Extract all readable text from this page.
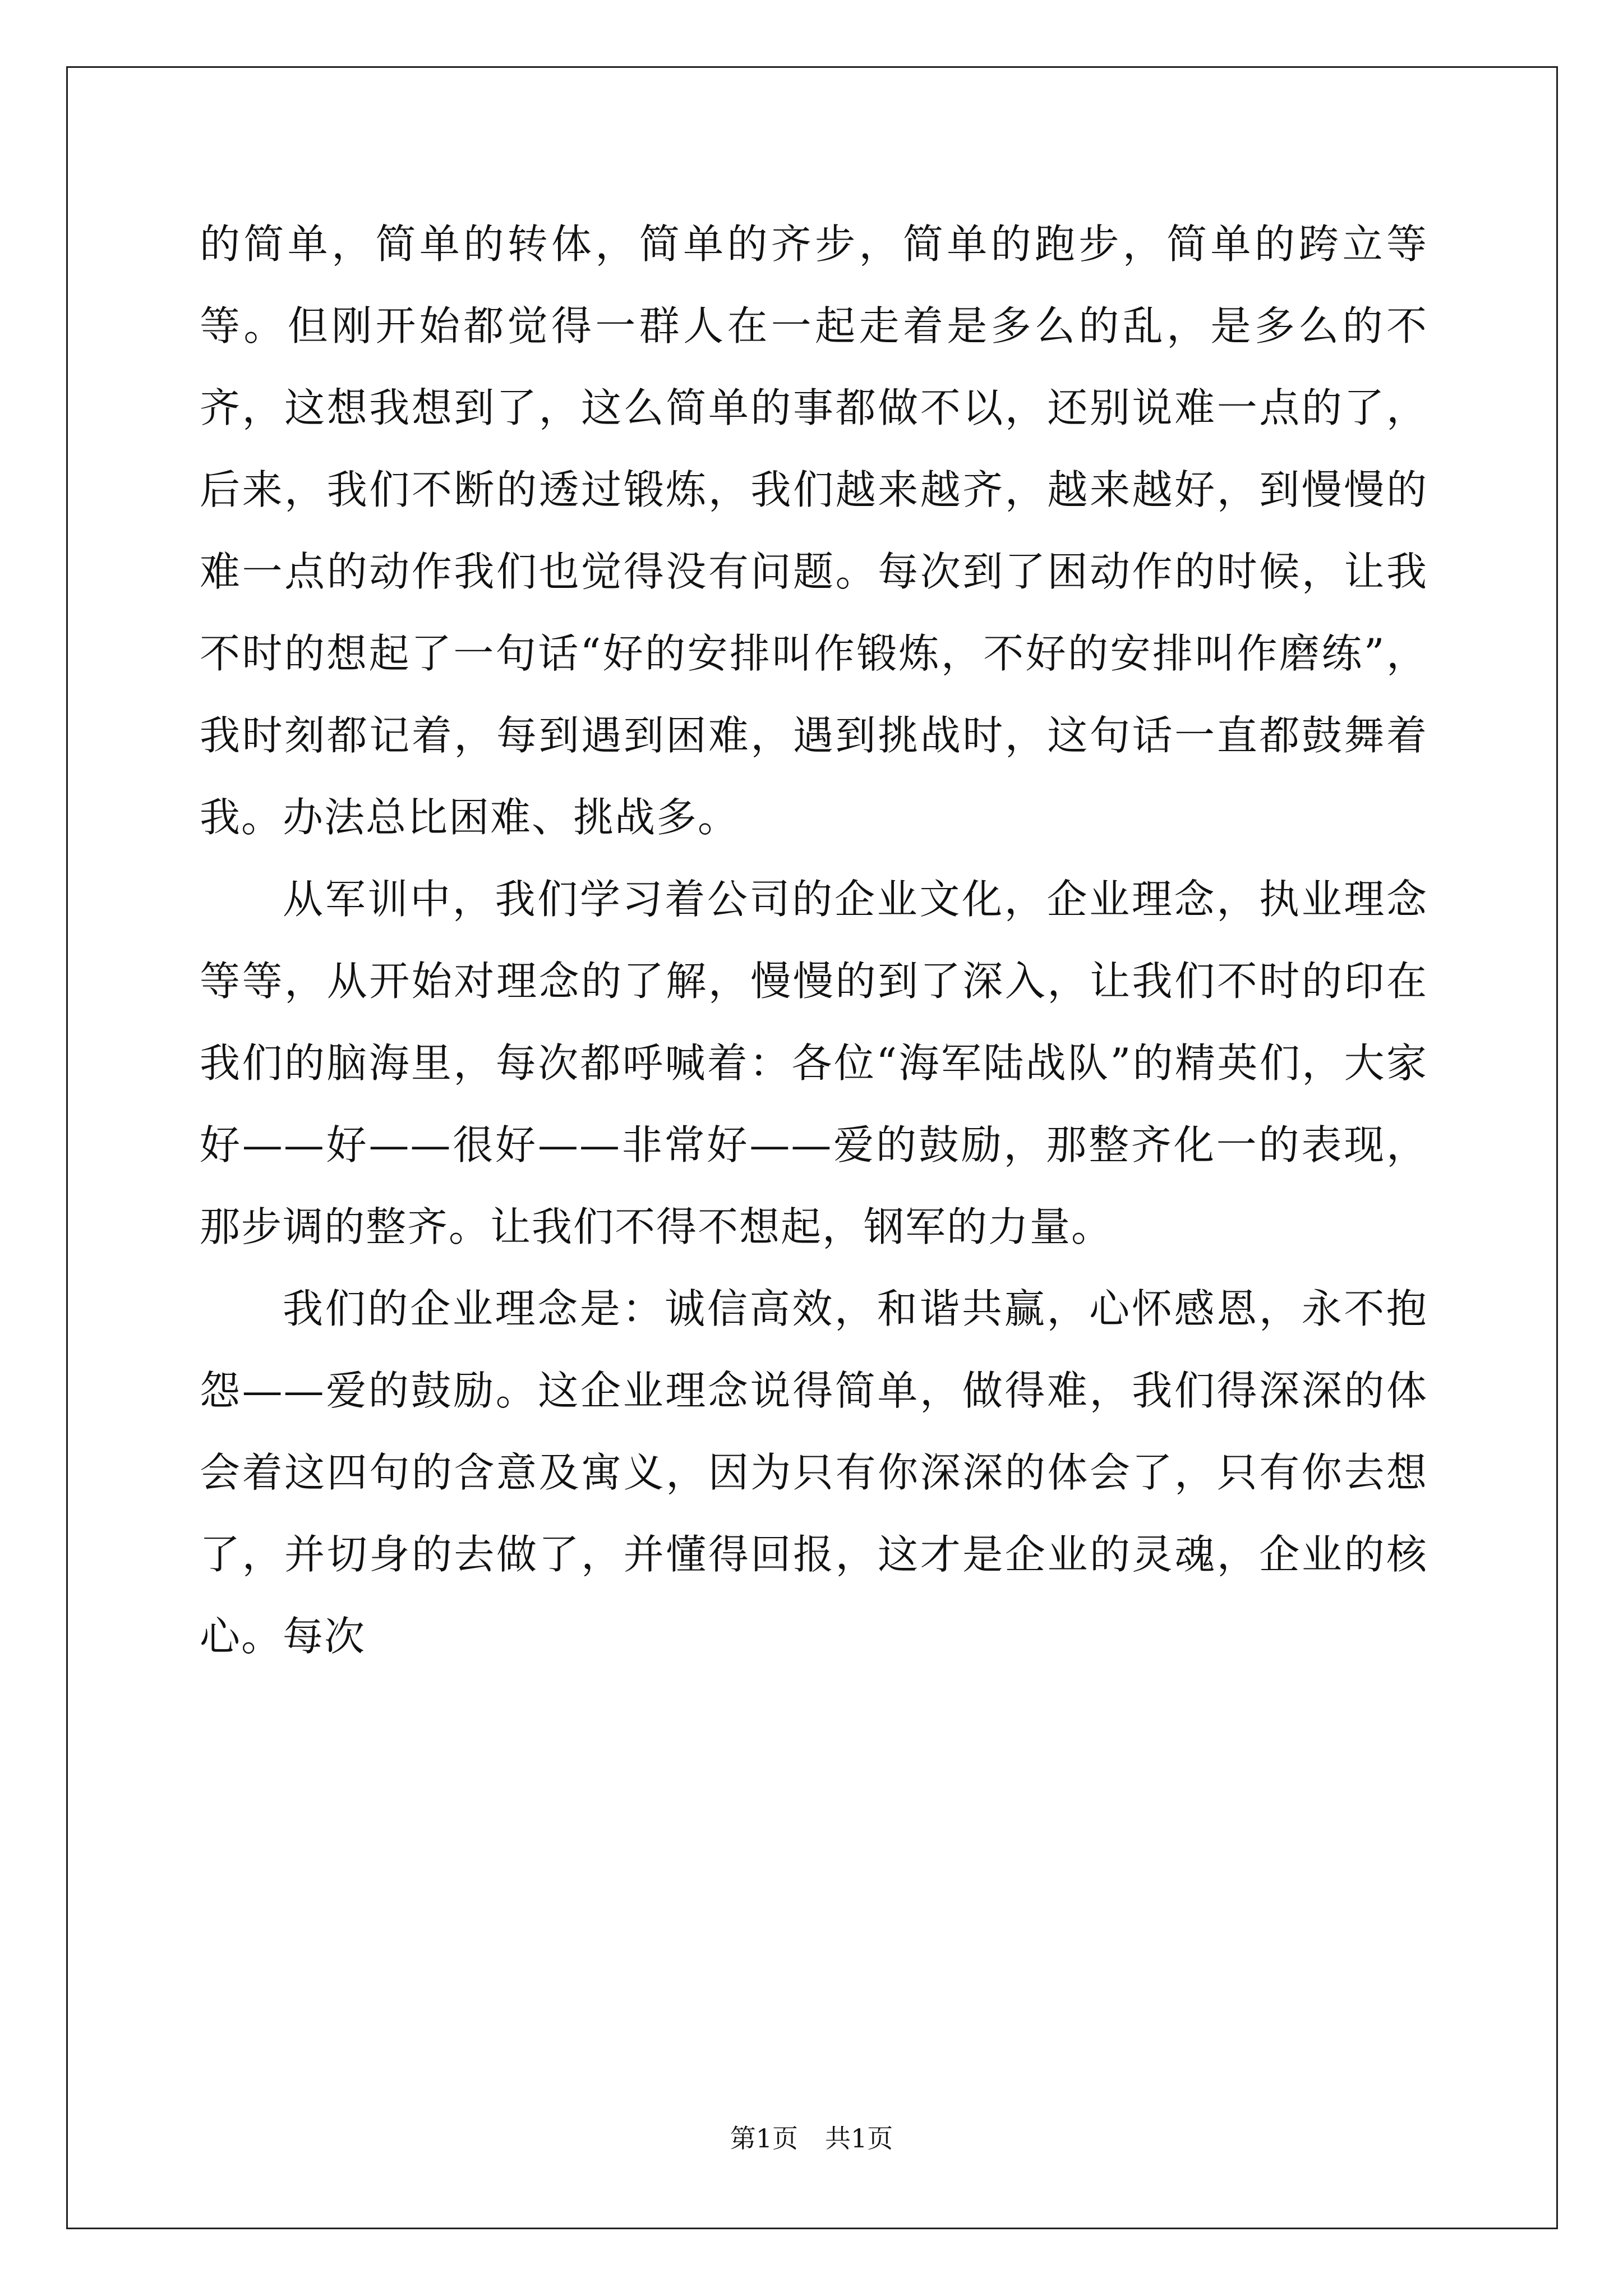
的简单，简单的转体，简单的齐步，简单的跑步，简单的跨立等等。但刚开始都觉得一群人在一起走着是多么的乱，是多么的不齐，这想我想到了，这么简单的事都做不以，还别说难一点的了，后来，我们不断的透过锻炼，我们越来越齐，越来越好，到慢慢的难一点的动作我们也觉得没有问题。每次到了困动作的时候，让我不时的想起了一句话“好的安排叫作锻炼，不好的安排叫作磨练”，我时刻都记着，每到遇到困难，遇到挑战时，这句话一直都鼓舞着我。办法总比困难、挑战多。

从军训中，我们学习着公司的企业文化，企业理念，执业理念等等，从开始对理念的了解，慢慢的到了深入，让我们不时的印在我们的脑海里，每次都呼喊着：各位“海军陆战队”的精英们，大家好——好——很好——非常好——爱的鼓励，那整齐化一的表现，那步调的整齐。让我们不得不想起，钢军的力量。

我们的企业理念是：诚信高效，和谐共赢，心怀感恩，永不抱怨——爱的鼓励。这企业理念说得简单，做得难，我们得深深的体会着这四句的含意及寓义，因为只有你深深的体会了，只有你去想了，并切身的去做了，并懂得回报，这才是企业的灵魂，企业的核心。每次

第1页 共1页
